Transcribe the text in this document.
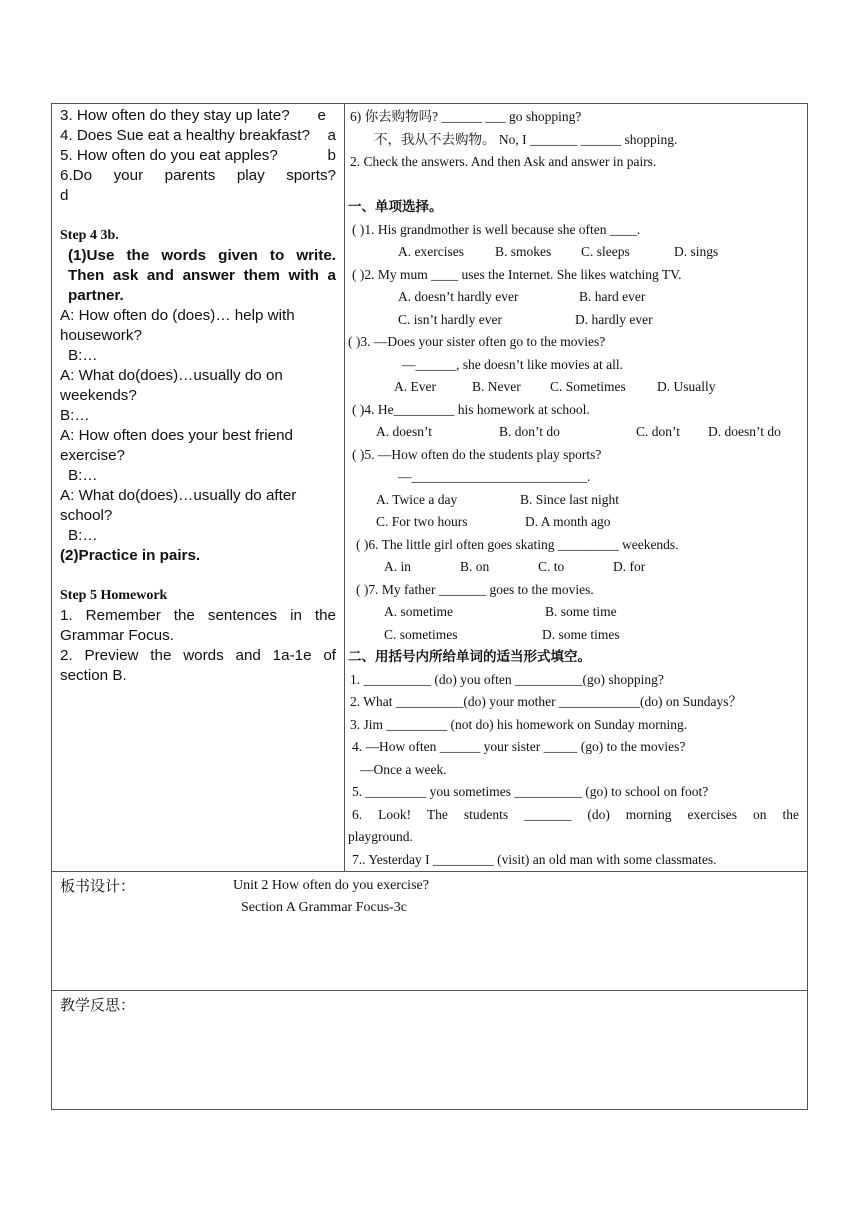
3. How often do they stay up late? e
4. Does Sue eat a healthy breakfast? a
5. How often do you eat apples?	b
6.Do your parents play sports?
d
Step 4 3b.
(1)Use the words given to write. Then ask and answer them with a partner.
A: How often do (does)… help with housework?
B:…
A: What do(does)…usually do on weekends?
B:…
A: How often does your best friend exercise?
B:…
A: What do(does)…usually do after school?
B:…
(2)Practice in pairs.
Step 5 Homework
1. Remember the sentences in the Grammar Focus.
2. Preview the words and 1a-1e of section B.

6) 你去购物吗? ______ ___ go shopping?
不，我从不去购物。 No, I _______ ______ shopping.
2. Check the answers. And then Ask and answer in pairs.

一、单项选择。
( )1. His grandmother is well because she often ____.
A. exercises B. smokes C. sleeps	D. sings
( )2. My mum ____ uses the Internet. She likes watching TV.
A. doesn’t hardly ever	B. hard ever
C. isn’t hardly ever	D. hardly ever
( )3. —Does your sister often go to the movies?
—______, she doesn’t like movies at all.
A. Ever	B. Never C. Sometimes D. Usually
( )4. He_________ his homework at school.
A. doesn’t	B. don’t do	C. don’t D. doesn’t do
( )5. —How often do the students play sports?
—__________________________.
A. Twice a day	B. Since last night
C. For two hours	D. A month ago
( )6. The little girl often goes skating _________ weekends.
A. in	B. on	C. to	D. for
( )7. My father _______ goes to the movies.
A. sometime	B. some time
C. sometimes	D. some times
二、用括号内所给单词的适当形式填空。
1. __________ (do) you often __________(go) shopping?
2. What __________(do) your mother ____________(do) on Sundays？
3. Jim _________ (not do) his homework on Sunday morning.
4. —How often ______ your sister _____ (go) to the movies?
—Once a week.
5. _________ you sometimes __________ (go) to school on foot?
6. Look! The students _______ (do) morning exercises on the
playground.
7.. Yesterday I _________ (visit) an old man with some classmates.

板书设计：	Unit 2 How often do you exercise?
Section A Grammar Focus-3c

教学反思：
